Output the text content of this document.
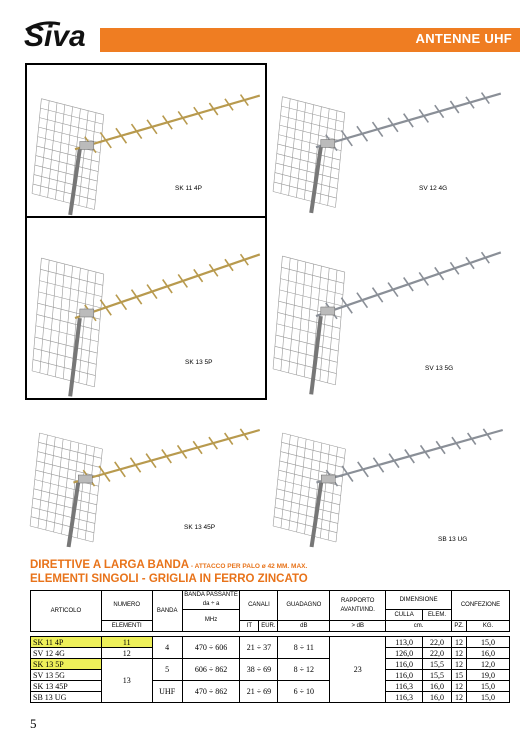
Siva	ANTENNE UHF
SK 11 4P	SV 12 4G
SK 13 5P
SV 13 5G
SK 13 45P
SB 13 UG
DIRETTIVE A LARGA BANDA - ATTACCO PER PALO ø 42 MM. MAX.
ELEMENTI SINGOLI - GRIGLIA IN FERRO ZINCATO
ARTICOLO	NUMERO	BANDA	BANDA PASSANTE
da ÷ a	CANALI		GUADAGNO	RAPPORTO AVANTI/IND.	DIMENSIONE		CONFEZIONE	
			MHz					CULLA	ELEM.		
	ELEMENTI			IT	EUR.	dB	> dB	cm.		PZ.	KG.

SK 11 4P	11	4	470 ÷ 606	21 ÷ 37		8 ÷ 11	23	113,0	22,0	12	15,0
SV 12 4G	12							126,0	22,0	12	16,0
SK 13 5P	13	5	606 ÷ 862	38 ÷ 69		8 ÷ 12		116,0	15,5	12	12,0
SV 13 5G								116,0	15,5	15	19,0
SK 13 45P		UHF	470 ÷ 862	21 ÷ 69		6 ÷ 10		116,3	16,0	12	15,0
SB 13 UG								116,3	16,0	12	15,0
5
